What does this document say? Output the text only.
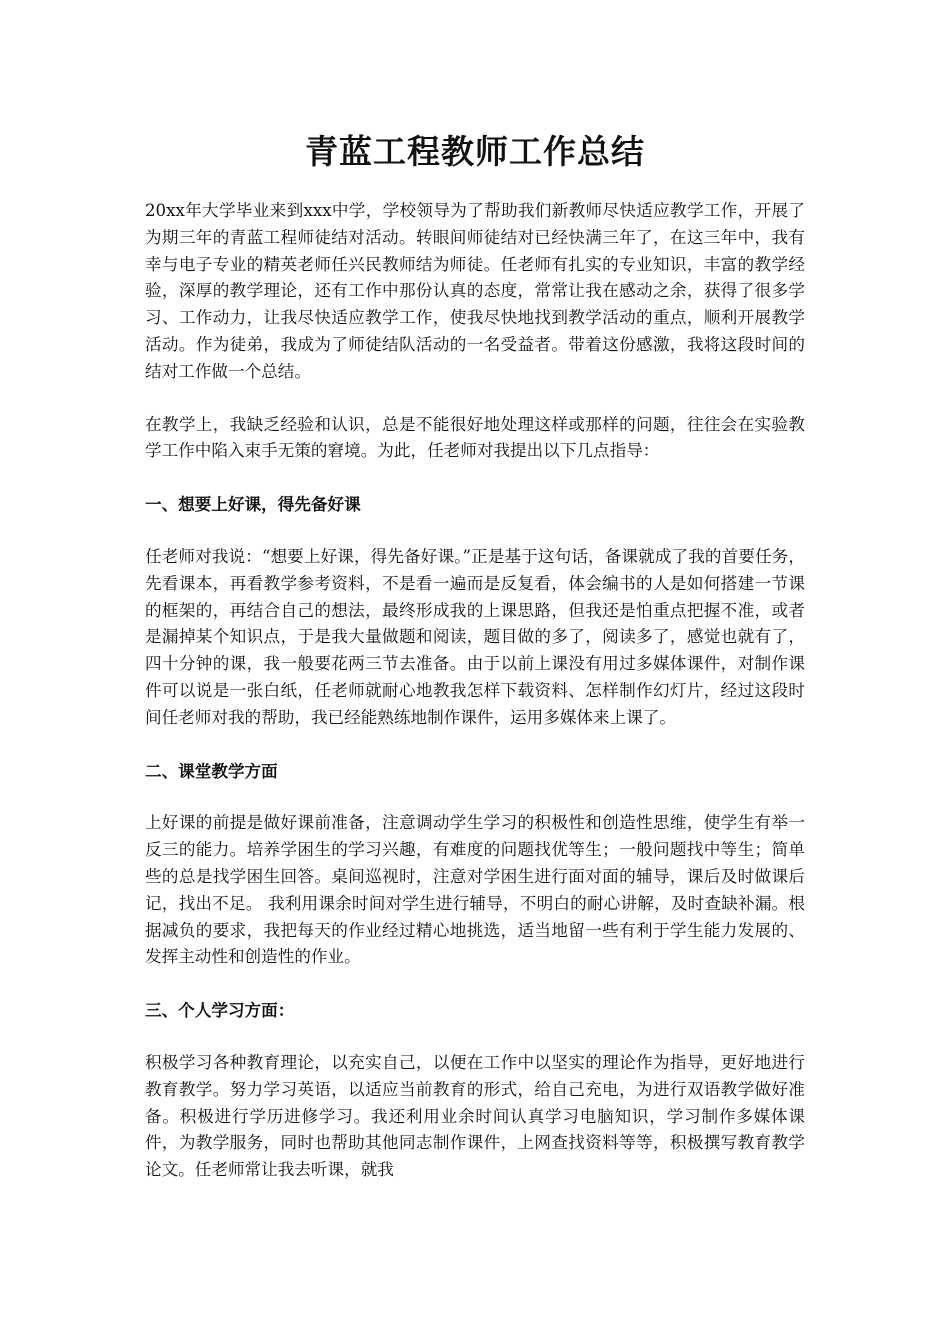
青蓝工程教师工作总结
20xx年大学毕业来到xxx中学，学校领导为了帮助我们新教师尽快适应教学工作，开展了为期三年的青蓝工程师徒结对活动。转眼间师徒结对已经快满三年了，在这三年中，我有幸与电子专业的精英老师任兴民教师结为师徒。任老师有扎实的专业知识，丰富的教学经验，深厚的教学理论，还有工作中那份认真的态度，常常让我在感动之余，获得了很多学习、工作动力，让我尽快适应教学工作，使我尽快地找到教学活动的重点，顺利开展教学活动。作为徒弟，我成为了师徒结队活动的一名受益者。带着这份感激，我将这段时间的结对工作做一个总结。
在教学上，我缺乏经验和认识，总是不能很好地处理这样或那样的问题，往往会在实验教学工作中陷入束手无策的窘境。为此，任老师对我提出以下几点指导：
一、想要上好课，得先备好课
任老师对我说：“想要上好课，得先备好课。”正是基于这句话，备课就成了我的首要任务，先看课本，再看教学参考资料，不是看一遍而是反复看，体会编书的人是如何搭建一节课的框架的，再结合自己的想法，最终形成我的上课思路，但我还是怕重点把握不准，或者是漏掉某个知识点，于是我大量做题和阅读，题目做的多了，阅读多了，感觉也就有了，四十分钟的课，我一般要花两三节去准备。由于以前上课没有用过多媒体课件，对制作课件可以说是一张白纸，任老师就耐心地教我怎样下载资料、怎样制作幻灯片，经过这段时间任老师对我的帮助，我已经能熟练地制作课件，运用多媒体来上课了。
二、课堂教学方面
上好课的前提是做好课前准备，注意调动学生学习的积极性和创造性思维，使学生有举一反三的能力。培养学困生的学习兴趣，有难度的问题找优等生；一般问题找中等生；简单些的总是找学困生回答。桌间巡视时，注意对学困生进行面对面的辅导，课后及时做课后记，找出不足。 我利用课余时间对学生进行辅导，不明白的耐心讲解，及时查缺补漏。根据减负的要求，我把每天的作业经过精心地挑选，适当地留一些有利于学生能力发展的、发挥主动性和创造性的作业。
三、个人学习方面：
积极学习各种教育理论，以充实自己，以便在工作中以坚实的理论作为指导，更好地进行教育教学。努力学习英语，以适应当前教育的形式，给自己充电，为进行双语教学做好准备。积极进行学历进修学习。我还利用业余时间认真学习电脑知识，学习制作多媒体课件，为教学服务，同时也帮助其他同志制作课件，上网查找资料等等，积极撰写教育教学论文。任老师常让我去听课，就我
